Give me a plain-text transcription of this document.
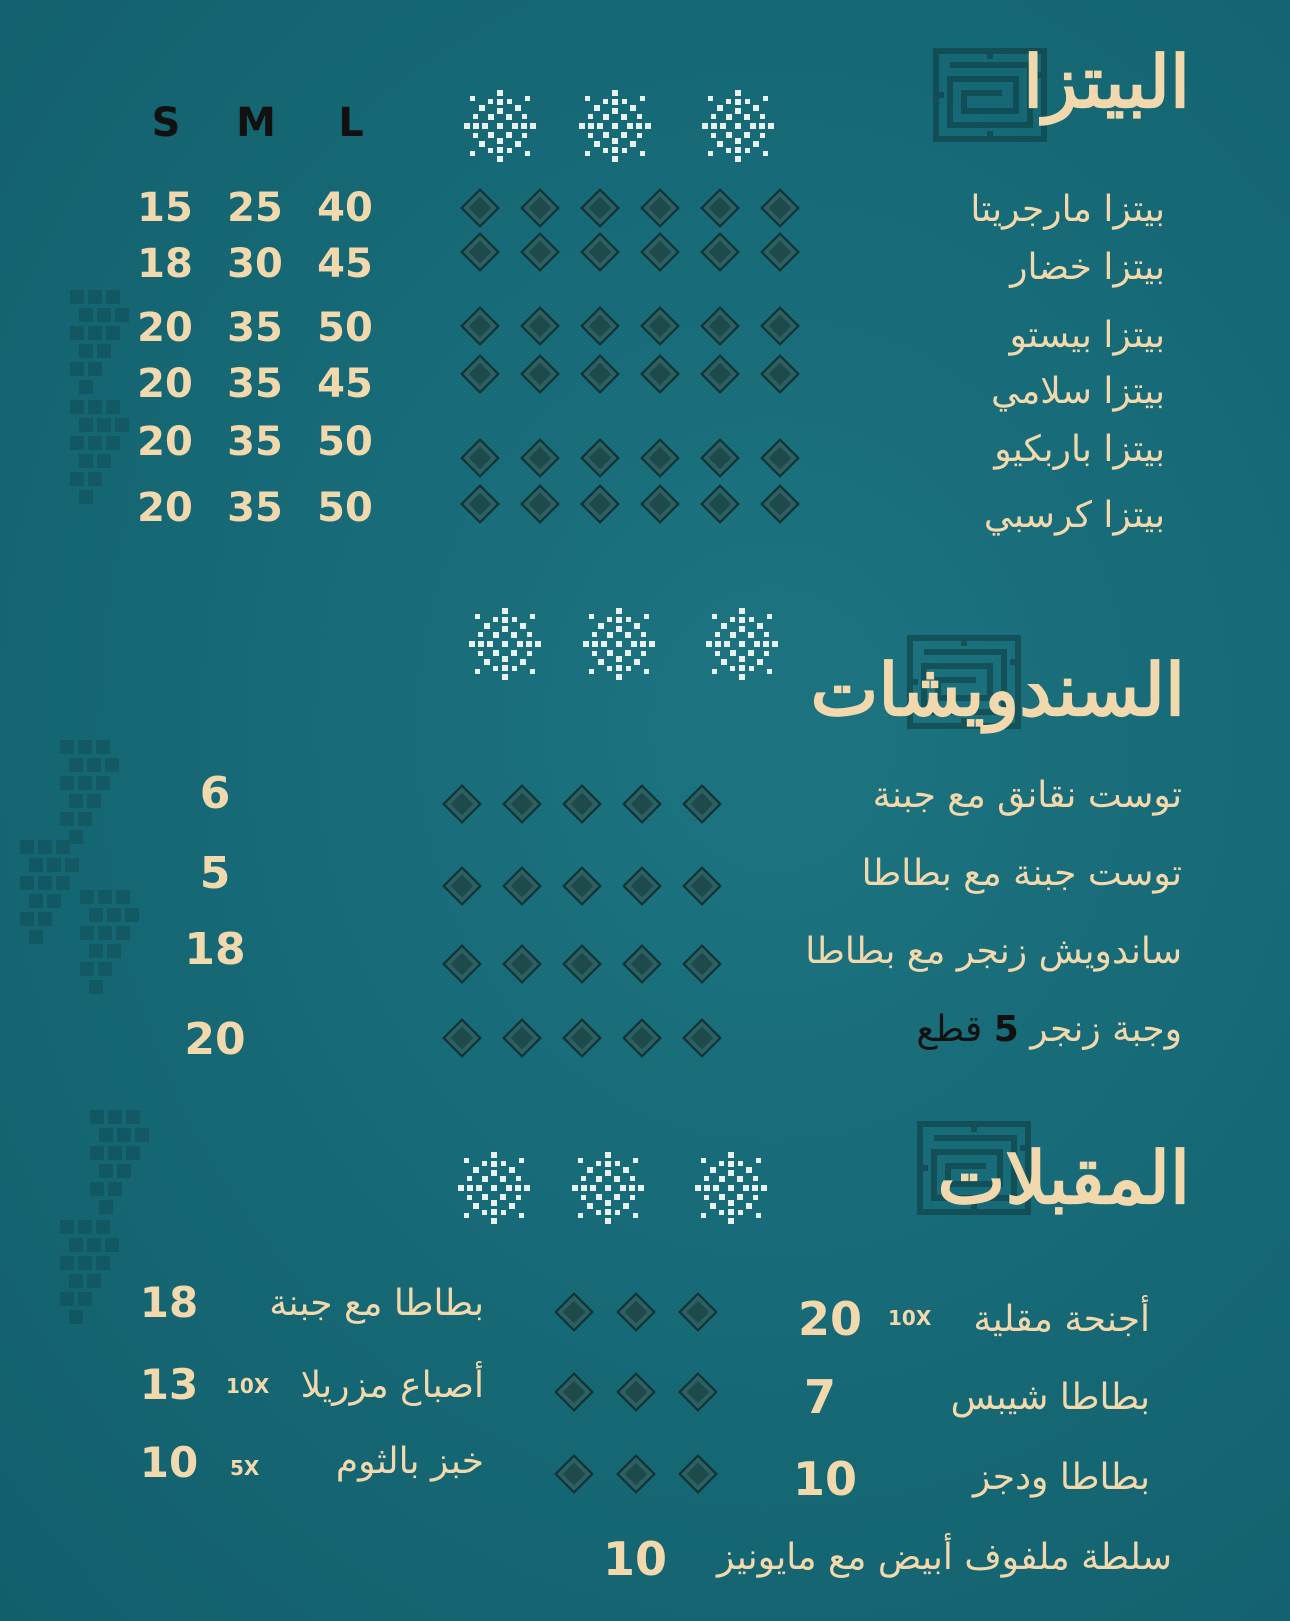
البيتزا
S	M	L
بيتزا مارجريتا
15 25 40
بيتزا خضار
18 30 45
بيتزا بيستو
20 35 50
بيتزا سلامي
20 35 45
بيتزا باربكيو
20 35 50
بيتزا كرسبي
20 35 50
السندويشات
توست نقانق مع جبنة
6
توست جبنة مع بطاطا
5
ساندويش زنجر مع بطاطا
18
وجبة زنجر 5 قطع
20
المقبلات
أجنحة مقلية
10X
20
بطاطا شيبس
7
بطاطا ودجز
10
بطاطا مع جبنة
18
أصباع مزريلا
10X
13
خبز بالثوم
5X
10
سلطة ملفوف أبيض مع مايونيز
10
